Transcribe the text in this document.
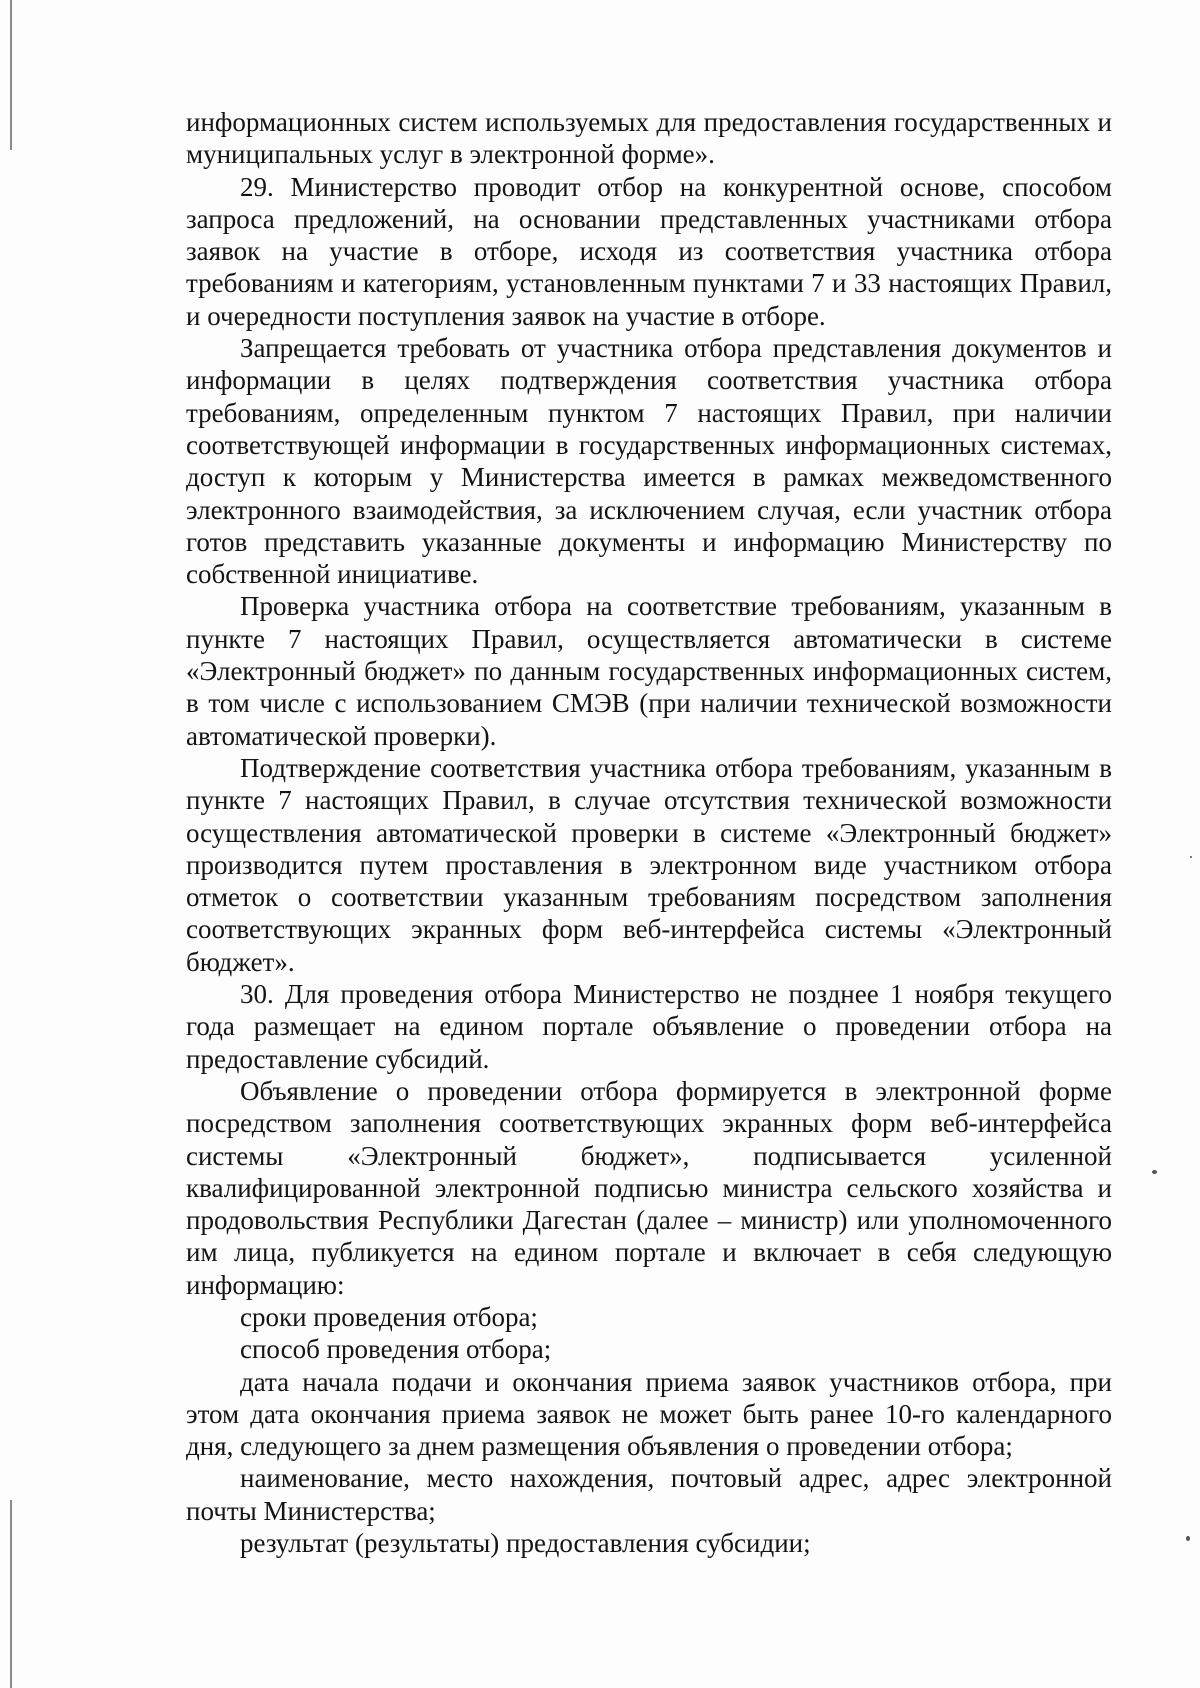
информационных систем используемых для предоставления государственных и муниципальных услуг в электронной форме».

29. Министерство проводит отбор на конкурентной основе, способом запроса предложений, на основании представленных участниками отбора заявок на участие в отборе, исходя из соответствия участника отбора требованиям и категориям, установленным пунктами 7 и 33 настоящих Правил, и очередности поступления заявок на участие в отборе.

Запрещается требовать от участника отбора представления документов и информации в целях подтверждения соответствия участника отбора требованиям, определенным пунктом 7 настоящих Правил, при наличии соответствующей информации в государственных информационных системах, доступ к которым у Министерства имеется в рамках межведомственного электронного взаимодействия, за исключением случая, если участник отбора готов представить указанные документы и информацию Министерству по собственной инициативе.

Проверка участника отбора на соответствие требованиям, указанным в пункте 7 настоящих Правил, осуществляется автоматически в системе «Электронный бюджет» по данным государственных информационных систем, в том числе с использованием СМЭВ (при наличии технической возможности автоматической проверки).

Подтверждение соответствия участника отбора требованиям, указанным в пункте 7 настоящих Правил, в случае отсутствия технической возможности осуществления автоматической проверки в системе «Электронный бюджет» производится путем проставления в электронном виде участником отбора отметок о соответствии указанным требованиям посредством заполнения соответствующих экранных форм веб-интерфейса системы «Электронный бюджет».

30. Для проведения отбора Министерство не позднее 1 ноября текущего года размещает на едином портале объявление о проведении отбора на предоставление субсидий.

Объявление о проведении отбора формируется в электронной форме посредством заполнения соответствующих экранных форм веб-интерфейса системы «Электронный бюджет», подписывается усиленной квалифицированной электронной подписью министра сельского хозяйства и продовольствия Республики Дагестан (далее – министр) или уполномоченного им лица, публикуется на едином портале и включает в себя следующую информацию:

сроки проведения отбора;

способ проведения отбора;

дата начала подачи и окончания приема заявок участников отбора, при этом дата окончания приема заявок не может быть ранее 10-го календарного дня, следующего за днем размещения объявления о проведении отбора;

наименование, место нахождения, почтовый адрес, адрес электронной почты Министерства;

результат (результаты) предоставления субсидии;
